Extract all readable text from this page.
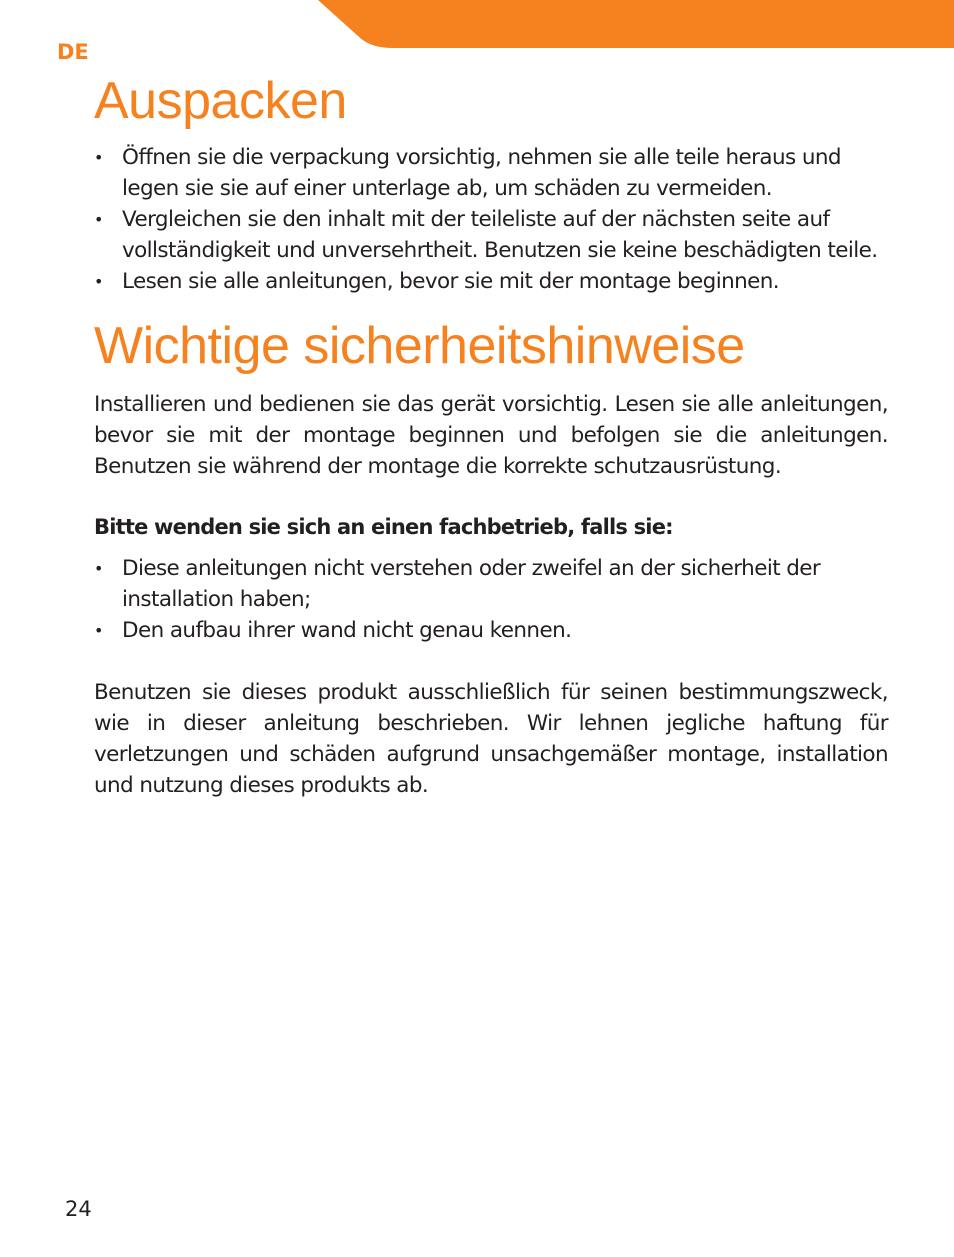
DE
Auspacken
• Öffnen sie die verpackung vorsichtig, nehmen sie alle teile heraus und legen sie sie auf einer unterlage ab, um schäden zu vermeiden.
• Vergleichen sie den inhalt mit der teileliste auf der nächsten seite auf vollständigkeit und unversehrtheit. Benutzen sie keine beschädigten teile.
• Lesen sie alle anleitungen, bevor sie mit der montage beginnen.
Wichtige sicherheitshinweise

Installieren und bedienen sie das gerät vorsichtig. Lesen sie alle anleitungen, bevor sie mit der montage beginnen und befolgen sie die anleitungen. Benutzen sie während der montage die korrekte schutzausrüstung.

Bitte wenden sie sich an einen fachbetrieb, falls sie:

• Diese anleitungen nicht verstehen oder zweifel an der sicherheit der installation haben;
• Den aufbau ihrer wand nicht genau kennen.

Benutzen sie dieses produkt ausschließlich für seinen bestimmungszweck, wie in dieser anleitung beschrieben. Wir lehnen jegliche haftung für verletzungen und schäden aufgrund unsachgemäßer montage, installation und nutzung dieses produkts ab.

24
